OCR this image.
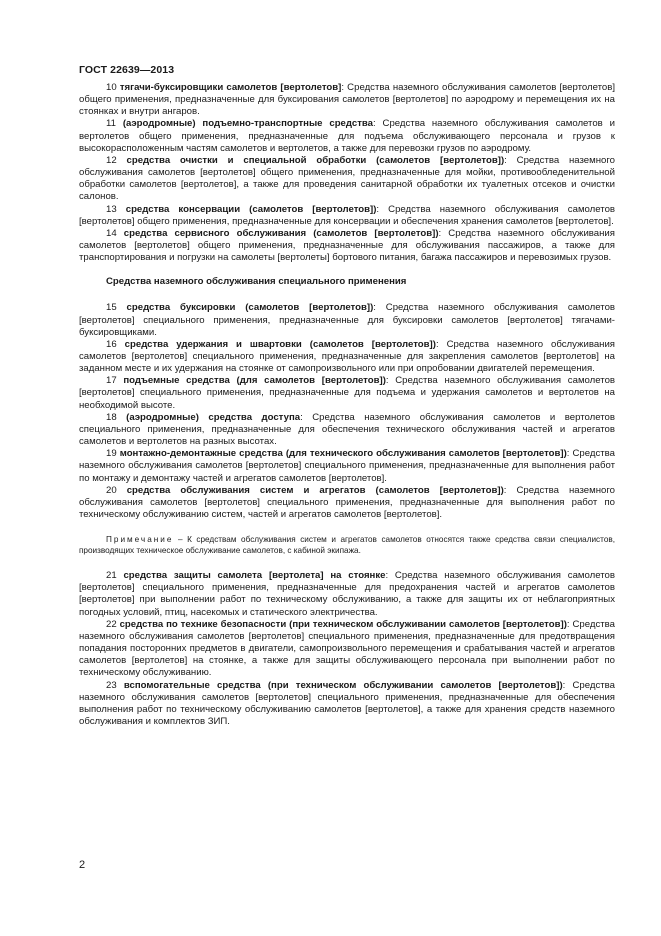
ГОСТ 22639—2013

10 тягачи-буксировщики самолетов [вертолетов]: Средства наземного обслуживания самолетов [вертолетов] общего применения, предназначенные для буксирования самолетов [вертолетов] по аэродрому и перемещения их на стоянках и внутри ангаров.

11 (аэродромные) подъемно-транспортные средства: Средства наземного обслуживания самолетов и вертолетов общего применения, предназначенные для подъема обслуживающего персонала и грузов к высокорасположенным частям самолетов и вертолетов, а также для перевозки грузов по аэродрому.

12 средства очистки и специальной обработки (самолетов [вертолетов]): Средства наземного обслуживания самолетов [вертолетов] общего применения, предназначенные для мойки, противообледенительной обработки самолетов [вертолетов], а также для проведения санитарной обработки их туалетных отсеков и очистки салонов.

13 средства консервации (самолетов [вертолетов]): Средства наземного обслуживания самолетов [вертолетов] общего применения, предназначенные для консервации и обеспечения хранения самолетов [вертолетов].

14 средства сервисного обслуживания (самолетов [вертолетов]): Средства наземного обслуживания самолетов [вертолетов] общего применения, предназначенные для обслуживания пассажиров, а также для транспортирования и погрузки на самолеты [вертолеты] бортового питания, багажа пассажиров и перевозимых грузов.

Средства наземного обслуживания специального применения

15 средства буксировки (самолетов [вертолетов]): Средства наземного обслуживания самолетов [вертолетов] специального применения, предназначенные для буксировки самолетов [вертолетов] тягачами-буксировщиками.

16 средства удержания и швартовки (самолетов [вертолетов]): Средства наземного обслуживания самолетов [вертолетов] специального применения, предназначенные для закрепления самолетов [вертолетов] на заданном месте и их удержания на стоянке от самопроизвольного или при опробовании двигателей перемещения.

17 подъемные средства (для самолетов [вертолетов]): Средства наземного обслуживания самолетов [вертолетов] специального применения, предназначенные для подъема и удержания самолетов и вертолетов на необходимой высоте.

18 (аэродромные) средства доступа: Средства наземного обслуживания самолетов и вертолетов специального применения, предназначенные для обеспечения технического обслуживания частей и агрегатов самолетов и вертолетов на разных высотах.

19 монтажно-демонтажные средства (для технического обслуживания самолетов [вертолетов]): Средства наземного обслуживания самолетов [вертолетов] специального применения, предназначенные для выполнения работ по монтажу и демонтажу частей и агрегатов самолетов [вертолетов].

20 средства обслуживания систем и агрегатов (самолетов [вертолетов]): Средства наземного обслуживания самолетов [вертолетов] специального применения, предназначенные для выполнения работ по техническому обслуживанию систем, частей и агрегатов самолетов [вертолетов].

Примечание – К средствам обслуживания систем и агрегатов самолетов относятся также средства связи специалистов, производящих техническое обслуживание самолетов, с кабиной экипажа.

21 средства защиты самолета [вертолета] на стоянке: Средства наземного обслуживания самолетов [вертолетов] специального применения, предназначенные для предохранения частей и агрегатов самолетов [вертолетов] при выполнении работ по техническому обслуживанию, а также для защиты их от неблагоприятных погодных условий, птиц, насекомых и статического электричества.

22 средства по технике безопасности (при техническом обслуживании самолетов [вертолетов]): Средства наземного обслуживания самолетов [вертолетов] специального применения, предназначенные для предотвращения попадания посторонних предметов в двигатели, самопроизвольного перемещения и срабатывания частей и агрегатов самолетов [вертолетов] на стоянке, а также для защиты обслуживающего персонала при выполнении работ по техническому обслуживанию.

23 вспомогательные средства (при техническом обслуживании самолетов [вертолетов]): Средства наземного обслуживания самолетов [вертолетов] специального применения, предназначенные для обеспечения выполнения работ по техническому обслуживанию самолетов [вертолетов], а также для хранения средств наземного обслуживания и комплектов ЗИП.

2
